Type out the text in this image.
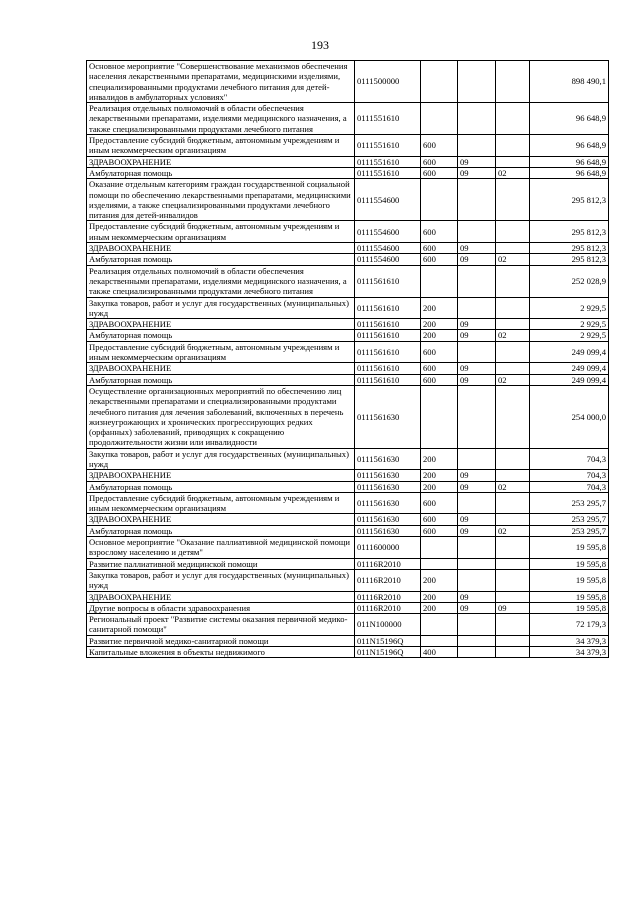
193
Основное мероприятие "Совершенствование механизмов обеспечения населения лекарственными препаратами, медицинскими изделиями, специализированными продуктами лечебного питания для детей-инвалидов в амбулаторных условиях"	0111500000				898 490,1
Реализация отдельных полномочий в области обеспечения лекарственными препаратами, изделиями медицинского назначения, а также специализированными продуктами лечебного питания	0111551610				96 648,9
Предоставление субсидий бюджетным, автономным учреждениям и иным некоммерческим организациям	0111551610	600			96 648,9
ЗДРАВООХРАНЕНИЕ	0111551610	600	09		96 648,9
Амбулаторная помощь	0111551610	600	09	02	96 648,9
Оказание отдельным категориям граждан государственной социальной помощи по обеспечению лекарственными препаратами, медицинскими изделиями, а также специализированными продуктами лечебного питания для детей-инвалидов	0111554600				295 812,3
Предоставление субсидий бюджетным, автономным учреждениям и иным некоммерческим организациям	0111554600	600			295 812,3
ЗДРАВООХРАНЕНИЕ	0111554600	600	09		295 812,3
Амбулаторная помощь	0111554600	600	09	02	295 812,3
Реализация отдельных полномочий в области обеспечения лекарственными препаратами, изделиями медицинского назначения, а также специализированными продуктами лечебного питания	0111561610				252 028,9
Закупка товаров, работ и услуг для государственных (муниципальных) нужд	0111561610	200			2 929,5
ЗДРАВООХРАНЕНИЕ	0111561610	200	09		2 929,5
Амбулаторная помощь	0111561610	200	09	02	2 929,5
Предоставление субсидий бюджетным, автономным учреждениям и иным некоммерческим организациям	0111561610	600			249 099,4
ЗДРАВООХРАНЕНИЕ	0111561610	600	09		249 099,4
Амбулаторная помощь	0111561610	600	09	02	249 099,4
Осуществление организационных мероприятий по обеспечению лиц лекарственными препаратами и специализированными продуктами лечебного питания для лечения заболеваний, включенных в перечень жизнеугрожающих и хронических прогрессирующих редких (орфанных) заболеваний, приводящих к сокращению продолжительности жизни или инвалидности	0111561630				254 000,0
Закупка товаров, работ и услуг для государственных (муниципальных) нужд	0111561630	200			704,3
ЗДРАВООХРАНЕНИЕ	0111561630	200	09		704,3
Амбулаторная помощь	0111561630	200	09	02	704,3
Предоставление субсидий бюджетным, автономным учреждениям и иным некоммерческим организациям	0111561630	600			253 295,7
ЗДРАВООХРАНЕНИЕ	0111561630	600	09		253 295,7
Амбулаторная помощь	0111561630	600	09	02	253 295,7
Основное мероприятие "Оказание паллиативной медицинской помощи взрослому населению и детям"	0111600000				19 595,8
Развитие паллиативной медицинской помощи	01116R2010				19 595,8
Закупка товаров, работ и услуг для государственных (муниципальных) нужд	01116R2010	200			19 595,8
ЗДРАВООХРАНЕНИЕ	01116R2010	200	09		19 595,8
Другие вопросы в области здравоохранения	01116R2010	200	09	09	19 595,8
Региональный проект "Развитие системы оказания первичной медико-санитарной помощи"	011N100000				72 179,3
Развитие первичной медико-санитарной помощи	011N15196Q				34 379,3
Капитальные вложения в объекты недвижимого	011N15196Q	400			34 379,3
